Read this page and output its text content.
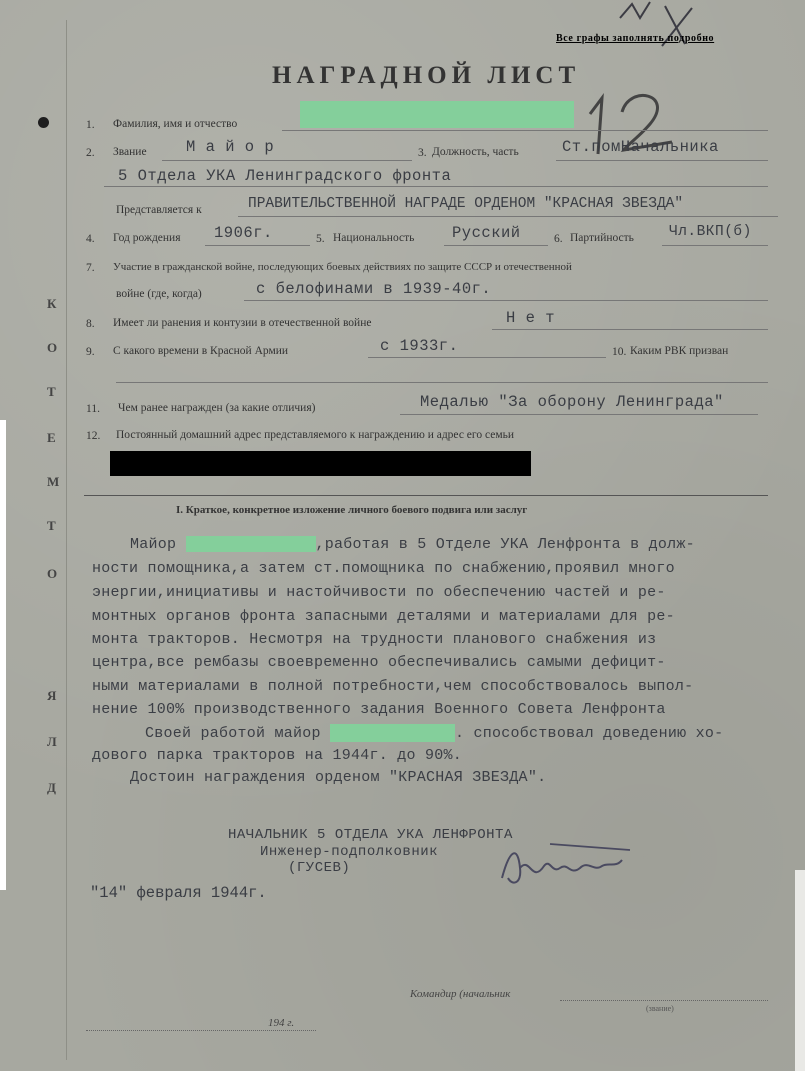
Все графы заполнять подробно
НАГРАДНОЙ ЛИСТ
1. Фамилия, имя и отчество
2. Звание	М а й о р	3. Должность, часть	Ст.помНачальника
5 Отдела УКА Ленинградского фронта
Представляется к	ПРАВИТЕЛЬСТВЕННОЙ НАГРАДЕ ОРДЕНОМ "КРАСНАЯ ЗВЕЗДА"
4. Год рождения 1906г.	5. Национальность Русский	6. Партийность Чл.ВКП(б)
7. Участие в гражданской войне, последующих боевых действиях по защите СССР и отечественной
войне (где, когда)	с белофинами в 1939-40г.
8. Имеет ли ранения и контузии в отечественной войне	Н е т
9. С какого времени в Красной Армии	с 1933г.	10. Каким РВК призван
11. Чем ранее награжден (за какие отличия)	Медалью "За оборону Ленинграда"
12. Постоянный домашний адрес представляемого к награждению и адрес его семьи
I. Краткое, конкретное изложение личного боевого подвига или заслуг
Майор	,работая в 5 Отделе УКА Ленфронта в долж-
ности помощника,а затем ст.помощника по снабжению,проявил много
энергии,инициативы и настойчивости по обеспечению частей и ре-
монтных органов фронта запасными деталями и материалами для ре-
монта тракторов. Несмотря на трудности планового снабжения из
центра,все рембазы своевременно обеспечивались самыми дефицит-
ными материалами в полной потребности,чем способствовалось выпол-
нение 100% производственного задания Военного Совета Ленфронта
Своей работой майор	. способствовал доведению хо-
дового парка тракторов на 1944г. до 90%.
Достоин награждения орденом "КРАСНАЯ ЗВЕЗДА".
НАЧАЛЬНИК 5 ОТДЕЛА УКА ЛЕНФРОНТА
Инженер-подполковник
(ГУСЕВ)
"14" февраля 1944г.
Командир (начальник
(звание)
194 г.
К
О
Т
Е
М
Т
О
Я
Л
Д
